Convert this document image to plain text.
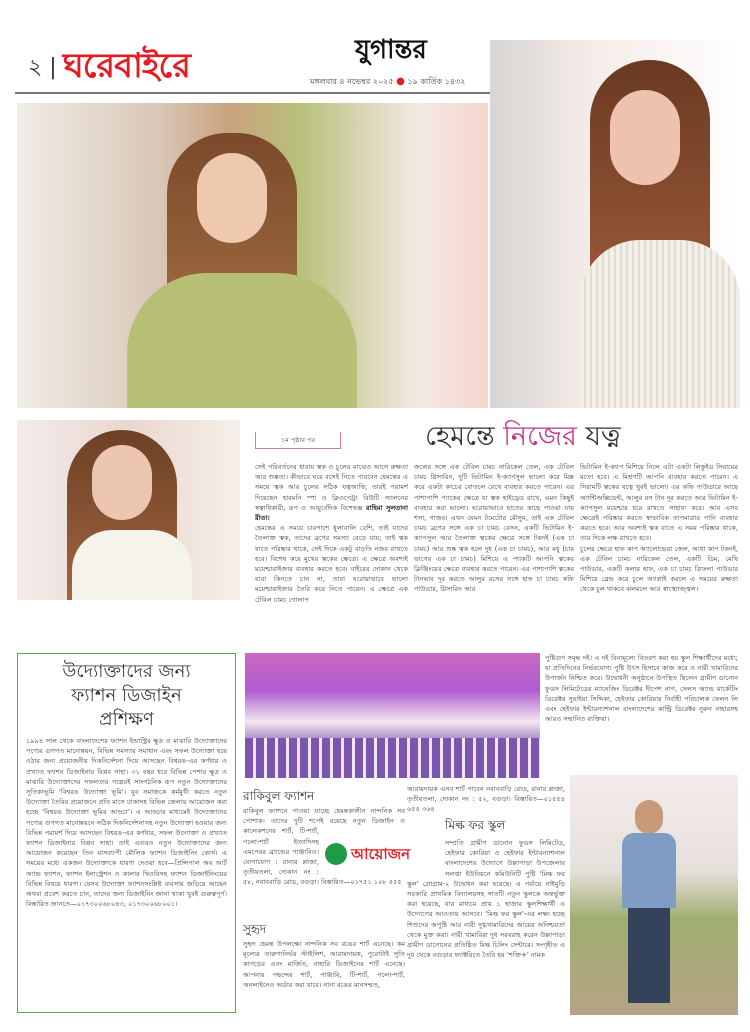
২ | ঘরেবাইরে	যুগান্তর
মঙ্গলবার ৪ নভেম্বর ২০২৫ ● ১৯ কার্তিক ১৪৩২
১ম পৃষ্ঠার পর	হেমন্তে নিজের যত্ন
সেই পরিবর্তনের ধারায় ত্বক ও চুলের মাঝেও আসে রুক্ষতা আর শুষ্কতা। কীভাবে ঘরে বসেই নিতে পারবেন হেমন্তের এ সময়ে ত্বক আর চুলের সঠিক যত্নআত্তি; তারই পরামর্শ দিয়েছেন হারমনি স্পা ও ক্লিওপেট্রা বিউটি স্যালনের স্বত্বাধিকারী, রূপ ও আয়ুর্বেদিক বিশেষজ্ঞ রাহিমা সুলতানা রীতা।
হেমন্তের এ সময়ে চারপাশে ধুলাবালি বেশি, তাই যাদের তৈলাক্ত ত্বক, তাদের ব্রণের সমস্যা বেড়ে যায়; তাই ত্বক যাতে পরিষ্কার থাকে, সেই দিকে একটু বাড়তি নজর রাখতে হবে। বিশেষ করে মুখের ত্বকের ক্ষেত্রে। এ ক্ষেত্রে অবশ্যই ময়েশ্চারাইজার ব্যবহার করতে হবে। বাইরের দোকান থেকে যারা কিনতে চান না, তারা ঘরোয়াভাবে ভালো ময়েশ্চারাইজার তৈরি করে নিতে পারেন। এ ক্ষেত্রে এক টেবিল চামচ গোলাপ
জলের সঙ্গে এক টেবিল চামচ নারিকেল তেল, এক টেবিল চামচ গ্লিসারিন, দুটি ভিটামিন ই-ক্যাপসুল ভালো করে মিক্স করে একটা কাচের বোতলে রেখে ব্যবহার করতে পারেন। এর পাশাপাশি প্যাকের ক্ষেত্রে যা ত্বক হাইড্রেড রাখে, এমন কিছুই ব্যবহার করা ভালো। ঘরোয়াভাবে হাতের কাছে পাওয়া যায় শসা, গাজর। এখন যেমন টমেটোর মৌসুম, তাই এক টেবিল চামচ ব্রণের সঙ্গে এক চা চামচ বেসন, একটি ভিটামিন ই-ক্যাপসুল আর তৈলাক্ত ত্বকের ক্ষেত্রে সঙ্গে টকদই (এক চা চামচ) আর শুষ্ক ত্বক হলে দুধ (এক চা চামচ), আর মধু (চার ভাগের এক চা চামচ) মিশিয়ে এ প্যাকটি আপনি ত্বকের ক্লিঞ্জিংয়ের ক্ষেত্রে ব্যবহার করতে পারেন। এর পাশাপাশি ত্বকের টানভাব দূর করতে আলুর রসের সঙ্গে হাফ চা চামচ কফি পাউডার, গ্লিসারিন আর
ভিটামিন ই-ক্যাপ মিশিয়ে নিলে এটা একটা লিকুইড সিরামের মতো হবে। এ মিশ্রণটি আপনি ব্যবহার করতে পারেন। এ সিরামটি ত্বকের যত্নে খুবই ভালো। এর কফি পাউডারে আছে অ্যান্টিঅক্সিডেন্ট, আলুর রস টান দূর করতে আর ভিটামিন ই-ক্যাপসুল ময়েশ্চার ধরে রাখতে সাহায্য করে। আর এসব ক্ষেত্রেই পরিষ্কার করতে স্বাভাবিক তাপমাত্রার পানি ব্যবহার করতে হবে। আর অবশ্যই ত্বক যাতে এ সময় পরিষ্কার থাকে, তার দিকে লক্ষ রাখতে হবে।
চুলের ক্ষেত্রে হাফ কাপ অ্যালোভেরা জেল, আধা কাপ টকদই, এক টেবিল চামচ নারিকেল তেল, একটি ডিম, মেথি পাউডার, একটি কলার হাফ, এক চা চামচ ত্রিফলা পাউডার মিশিয়ে ব্লেন্ড করে চুলে অ্যাপ্লাই করলে এ সময়ের রুক্ষতা থেকে চুল থাকবে ঝলমলে আর স্বাস্থ্যোজ্জ্বল।
উদ্যোক্তাদের জন্য
ফ্যাশন ডিজাইন
প্রশিক্ষণ
১৯৯৪ সাল থেকে বাংলাদেশের ফ্যাশন ইন্ডাস্ট্রির ক্ষুদ্র ও মাঝারি উদ্যোক্তাদের পণ্যের গুণগত মানোন্নয়ন, বিভিন্ন সমস্যার সমাধান এবং সফল উদ্যোক্তা হয়ে ওঠার জন্য প্রয়োজনীয় দিকনির্দেশনা দিয়ে আসছেন বিশ্বরঙ-এর কর্ণধার ও প্রখ্যাত ফ্যাশন ডিজাইনার বিপ্লব সাহা। ৩১ বছর ধরে বিভিন্ন পেশার ক্ষুদ্র ও মাঝারি উদ্যোক্তাদের সফলতার গল্পেরই সাংগঠনিক রূপ নতুন উদ্যোক্তাদের সূতিকাভূমি ‘বিশ্বরঙ উদ্যোক্তা ভূমি’। যুব সমাজকে কর্মমুখী করতে নতুন উদ্যোক্তা তৈরির প্রয়োজনে প্রতি মাসে ঢাকাসহ বিভিন্ন জেলায় আয়োজন করা হচ্ছে ‘বিশ্বরঙ উদ্যোক্তা ভূমির আড্ডা’। এ আড্ডার মাধ্যমেই উদ্যোক্তাদের পণ্যের গুণগত মানোন্নয়নে সঠিক দিকনির্দেশনাসহ নতুন উদ্যোক্তা হওয়ার জন্য বিভিন্ন পরামর্শ দিয়ে আসছেন বিশ্বরঙ-এর কর্ণধার, সফল উদ্যোক্তা ও প্রখ্যাত ফ্যাশন ডিজাইনার বিপ্লব সাহা। তাই এবারও নতুন উদ্যোক্তাদের জন্য আয়োজন করেছেন তিন মাসব্যাপী মৌলিক ফ্যাশন ডিজাইনিং কোর্স। এ সময়ের মধ্যে একজন উদ্যোক্তাকে ধারণা দেওয়া হবে—প্রিন্সিপাল অব আর্ট অ্যান্ড ফ্যাশন, ফ্যাশন ইলাস্ট্রেশন ও কালার থিওরিসহ ফ্যাশন ডিজাইনিংয়ের বিভিন্ন বিষয়ে ধারণা। যেসব উদ্যোক্তা ফ্যাশনসংশ্লিষ্ট ব্যবসায় জড়িয়ে আছেন অথবা প্রবেশ করতে চান, তাদের জন্য ডিজাইনিং জানা থাকা খুবই গুরুত্বপূর্ণ। বিস্তারিত জানতে—০১৭৩০০৬৮০৪৩, ০১৭৩০০৬৮০০১।
রাকিবুল ফ্যাশন
রাকিবুল ফ্যাশনে পাওয়া যাচ্ছে হেমন্তকালীন নান্দনিক সব পোশাক। তাদের দুটি শপেই রয়েছে নতুন ডিজাইন ও কালেকশনের শার্ট, টি-শার্ট, পলো-শার্ট ইত্যাদিসহ এমপেরর ব্র্যান্ডের পাঞ্জাবিও। যোগাযোগ : রানার প্লাজা, তৃতীয়তলা, দোকান নং : ৫৮, নবাববাড়ি রোড, বগুড়া। বিস্তারিত—০১৭৫১ ১০৮ ৫৫৫
সুহৃদ
সুহৃদ হেমন্ত উপলক্ষ্যে নান্দনিক সব রঙের শার্ট এনেছে। কম মূল্যের তারুণ্যনির্ভর স্টাইলিশ, আরামদায়ক, পুরোটাই সুতি কাপড়ের এবং মার্জিত, বাহারি ডিজাইনের শার্ট এনেছে। আপনার পছন্দের শার্ট, পাঞ্জাবি, টি-শার্ট, পলো-শার্ট, অনলাইনেও অর্ডার করা যাবে। নানা রঙের মানসম্মত,
আয়োজন
আরামদায়ক এসব শার্ট পাবেন নবাববাড়ি রোড, রানার প্লাজা, তৃতীয়তলা, দোকান নং : ৫২, বগুড়া। বিস্তারিত—০১৫৫৪ ৬৫৫ ৩৬৪
মিল্ক ফর স্কুল
সম্প্রতি গ্রামীণ ডানোন ফুডস লিমিটেড, হেইফার কোরিয়া ও হেইফার ইন্টারন্যাশনাল বাংলাদেশের উদ্যোগে উল্লাপাড়া উপজেলার সলপ্তা ইউনিয়নে কমিউনিটি পুষ্টি ‘মিল্ক ফর স্কুল’ প্রোগ্রাম-২ উদ্বোধন করা হয়েছে। এ পর্যায়ে নাইমুড়ি সরকারি প্রাথমিক বিদ্যালয়সহ সাতটি নতুন স্কুলকে অন্তর্ভুক্ত করা হয়েছে, যার মাধ্যমে প্রায় ১ হাজার স্কুলশিক্ষার্থী এ উদ্যোগের আওতায় আসবে। ‘মিল্ক ফর স্কুল’-এর লক্ষ্য হচ্ছে শিশুদের অপুষ্টি আর নারী দুগ্ধখামারিদের আয়ের অনিশ্চয়তা থেকে মুক্ত করা। নারী খামারিরা দুধ সরবরাহ করেন উল্লাপাড়া গ্রামীণ ডানোনের প্রতিষ্ঠিত মিল্ক চিলিং সেন্টারে। সংগৃহীত এ দুধ থেকে বগুড়ার ফ্যাক্টরিতে তৈরি হয় ‘শক্তি+’ নামক
পুষ্টিগুণ সমৃদ্ধ দই। এ দই বিনামূল্যে বিতরণ করা হয় স্কুল শিক্ষার্থীদের মধ্যে; যা প্রতিদিনের নির্ভরযোগ্য পুষ্টি উৎস হিসাবে কাজ করে ও নারী খামারিদের উপার্জন নিশ্চিত করে। উদ্বোধনী অনুষ্ঠানে উপস্থিত ছিলেন গ্রামীণ ডানোন ফুডস লিমিটেডের ম্যানেজিং ডিরেক্টর দীপেশ নাগ, সেলস অ্যান্ড মার্কেটিং ডিরেক্টর সুরাইয়া সিদ্দিকা, হেইফার কোরিয়ার নির্বাহী পরিচালক ফেলন লি এবং হেইফার ইন্টারন্যাশনাল বাংলাদেশের কান্ট্রি ডিরেক্টর নুরুন নাহারসহ আরও সম্মানিত ব্যক্তিরা।
